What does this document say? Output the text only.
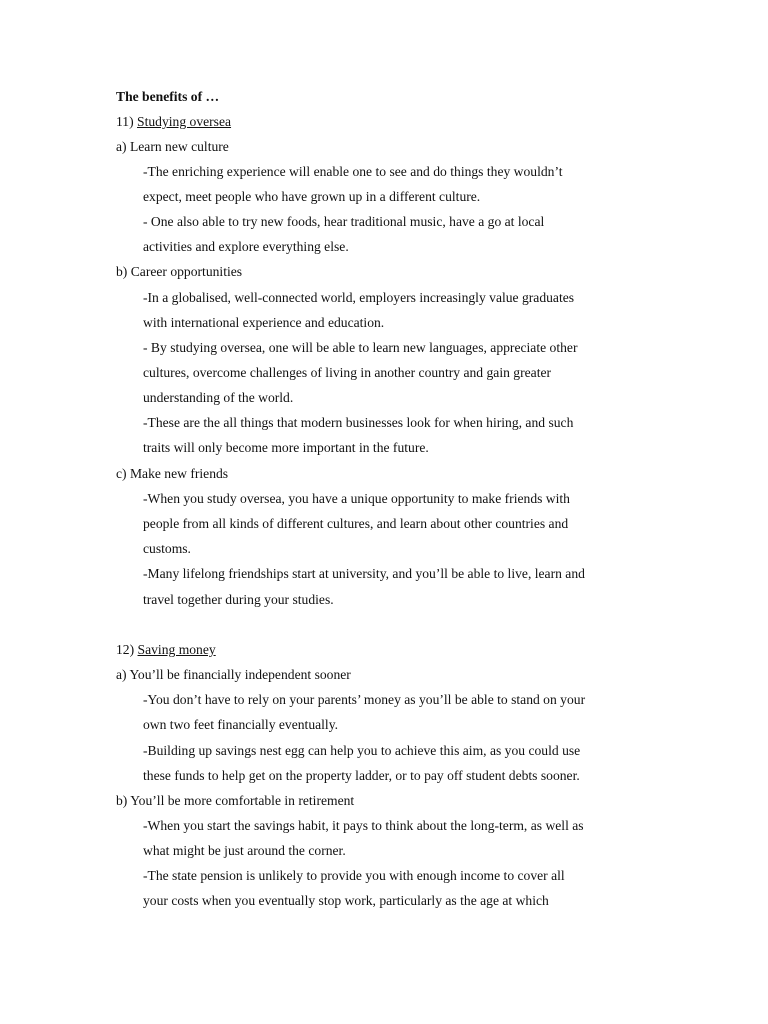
The benefits of …
11) Studying oversea
a) Learn new culture
-The enriching experience will enable one to see and do things they wouldn’t
expect, meet people who have grown up in a different culture.
- One also able to try new foods, hear traditional music, have a go at local
activities and explore everything else.
b) Career opportunities
-In a globalised, well-connected world, employers increasingly value graduates
with international experience and education.
- By studying oversea, one will be able to learn new languages, appreciate other
cultures, overcome challenges of living in another country and gain greater
understanding of the world.
-These are the all things that modern businesses look for when hiring, and such
traits will only become more important in the future.
c) Make new friends
-When you study oversea, you have a unique opportunity to make friends with
people from all kinds of different cultures, and learn about other countries and
customs.
-Many lifelong friendships start at university, and you’ll be able to live, learn and
travel together during your studies.
12) Saving money
a) You’ll be financially independent sooner
-You don’t have to rely on your parents’ money as you’ll be able to stand on your
own two feet financially eventually.
-Building up savings nest egg can help you to achieve this aim, as you could use
these funds to help get on the property ladder, or to pay off student debts sooner.
b) You’ll be more comfortable in retirement
-When you start the savings habit, it pays to think about the long-term, as well as
what might be just around the corner.
-The state pension is unlikely to provide you with enough income to cover all
your costs when you eventually stop work, particularly as the age at which
